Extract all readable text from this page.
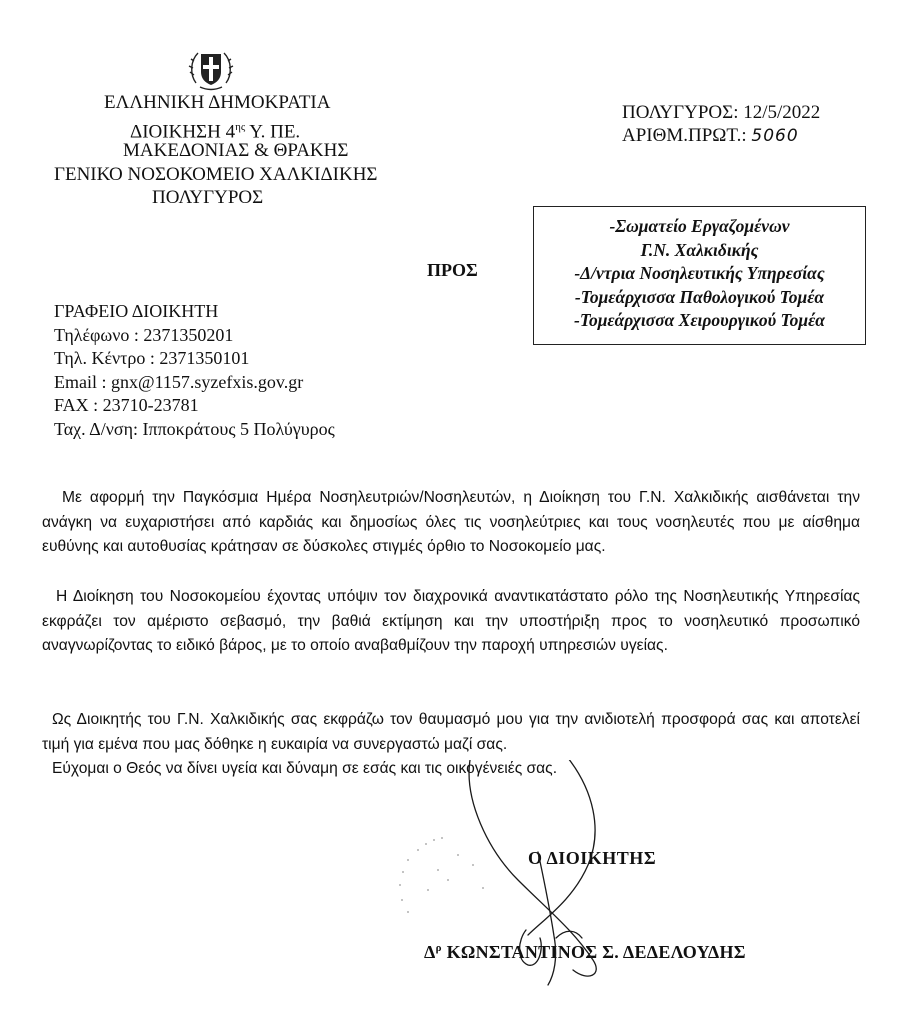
ΕΛΛΗΝΙΚΗ ΔΗΜΟΚΡΑΤΙΑ
ΔΙΟΙΚΗΣΗ $4^{\eta\varsigma}$ Υ. ΠΕ.
ΜΑΚΕΔΟΝΙΑΣ & ΘΡΑΚΗΣ
ΓΕΝΙΚΟ ΝΟΣΟΚΟΜΕΙΟ ΧΑΛΚΙΔΙΚΗΣ
ΠΟΛΥΓΥΡΟΣ
ΠΟΛΥΓΥΡΟΣ: 12/5/2022
ΑΡΙΘΜ.ΠΡΩΤ.: 5060
ΠΡΟΣ
-Σωματείο Εργαζομένων
Γ.Ν. Χαλκιδικής
-Δ/ντρια Νοσηλευτικής Υπηρεσίας
-Τομεάρχισσα Παθολογικού Τομέα
-Τομεάρχισσα Χειρουργικού Τομέα
ΓΡΑΦΕΙΟ ΔΙΟΙΚΗΤΗ
Τηλέφωνο : 2371350201
Τηλ. Κέντρο : 2371350101
Email : gnx@1157.syzefxis.gov.gr
FAX : 23710-23781
Ταχ. Δ/νση: Ιπποκράτους 5 Πολύγυρος
Με αφορμή την Παγκόσμια Ημέρα Νοσηλευτριών/Νοσηλευτών, η Διοίκηση του Γ.Ν. Χαλκιδικής αισθάνεται την ανάγκη να ευχαριστήσει από καρδιάς και δημοσίως όλες τις νοσηλεύτριες και τους νοσηλευτές που με αίσθημα ευθύνης και αυτοθυσίας κράτησαν σε δύσκολες στιγμές όρθιο το Νοσοκομείο μας.
Η Διοίκηση του Νοσοκομείου έχοντας υπόψιν τον διαχρονικά αναντικατάστατο ρόλο της Νοσηλευτικής Υπηρεσίας εκφράζει τον αμέριστο σεβασμό, την βαθιά εκτίμηση και την υποστήριξη προς το νοσηλευτικό προσωπικό αναγνωρίζοντας το ειδικό βάρος, με το οποίο αναβαθμίζουν την παροχή υπηρεσιών υγείας.
Ως Διοικητής του Γ.Ν. Χαλκιδικής σας εκφράζω τον θαυμασμό μου για την ανιδιοτελή προσφορά σας και αποτελεί τιμή για εμένα που μας δόθηκε η ευκαιρία να συνεργαστώ μαζί σας.
Εύχομαι ο Θεός να δίνει υγεία και δύναμη σε εσάς και τις οικογένειές σας.
Ο ΔΙΟΙΚΗΤΗΣ
$\Delta^\rho$ ΚΩΝΣΤΑΝΤΙΝΟΣ Σ. ΔΕΔΕΛΟΥΔΗΣ
